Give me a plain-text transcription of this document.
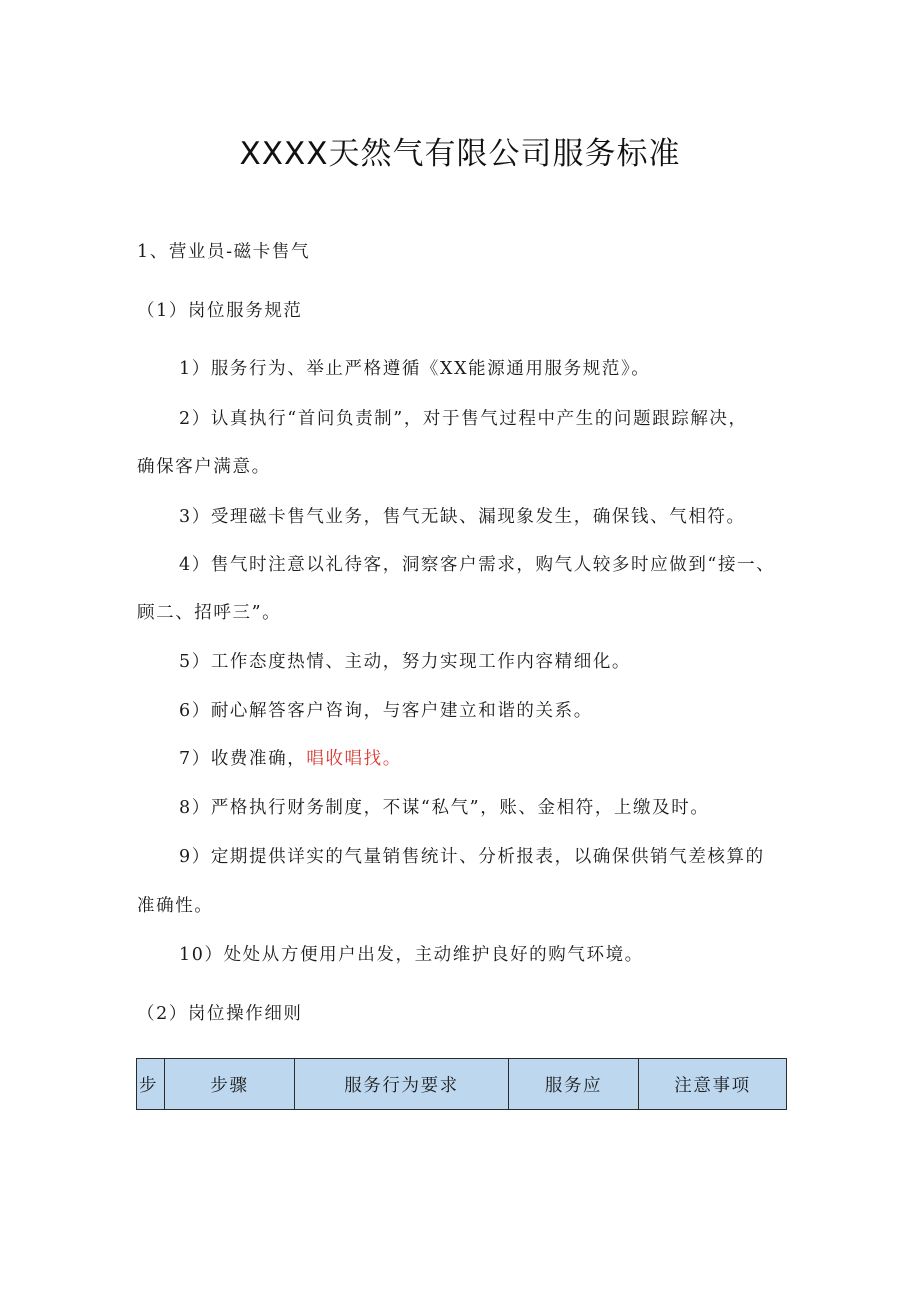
XXXX天然气有限公司服务标准
1、营业员-磁卡售气
（1）岗位服务规范
1）服务行为、举止严格遵循《XX能源通用服务规范》。
2）认真执行“首问负责制”，对于售气过程中产生的问题跟踪解决，
确保客户满意。
3）受理磁卡售气业务，售气无缺、漏现象发生，确保钱、气相符。
4）售气时注意以礼待客，洞察客户需求，购气人较多时应做到“接一、
顾二、招呼三”。
5）工作态度热情、主动，努力实现工作内容精细化。
6）耐心解答客户咨询，与客户建立和谐的关系。
7）收费准确，唱收唱找。
8）严格执行财务制度，不谋“私气”，账、金相符，上缴及时。
9）定期提供详实的气量销售统计、分析报表，以确保供销气差核算的
准确性。
10）处处从方便用户出发，主动维护良好的购气环境。
（2）岗位操作细则
步	步骤	服务行为要求	服务应	注意事项
